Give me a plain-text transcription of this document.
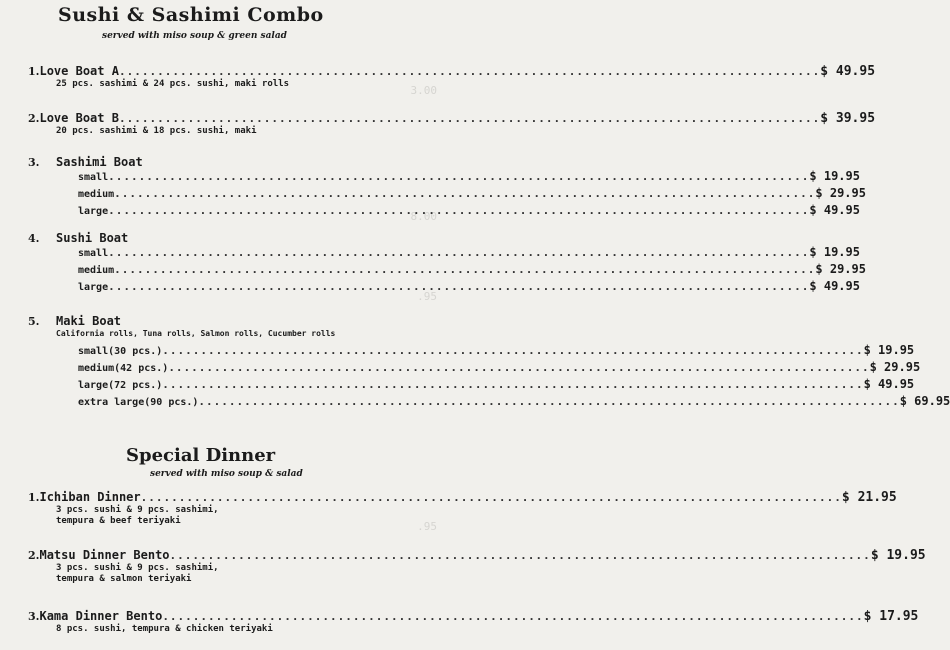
3.00
8.00
.95
.95
Sushi & Sashimi Combo
served with miso soup & green salad
1. Love Boat A .....	$ 49.95
25 pcs. sashimi & 24 pcs. sushi, maki rolls
2. Love Boat B .....	$ 39.95
20 pcs. sashimi & 18 pcs. sushi, maki
3.	Sashimi Boat
small .....	$ 19.95
medium .....	$ 29.95
large .....	$ 49.95
4.	Sushi Boat
small .....	$ 19.95
medium .....	$ 29.95
large .....	$ 49.95
5.	Maki Boat
California rolls, Tuna rolls, Salmon rolls, Cucumber rolls
small (30 pcs.) .....	$ 19.95
medium (42 pcs.) .....	$ 29.95
large (72 pcs.) .....	$ 49.95
extra large (90 pcs.) .....	$ 69.95
Special Dinner
served with miso soup & salad
1. Ichiban Dinner .....	$ 21.95
3 pcs. sushi & 9 pcs. sashimi,
tempura & beef teriyaki
2. Matsu Dinner Bento .....	$ 19.95
3 pcs. sushi & 9 pcs. sashimi,
tempura & salmon teriyaki
3. Kama Dinner Bento .....	$ 17.95
8 pcs. sushi, tempura & chicken teriyaki
